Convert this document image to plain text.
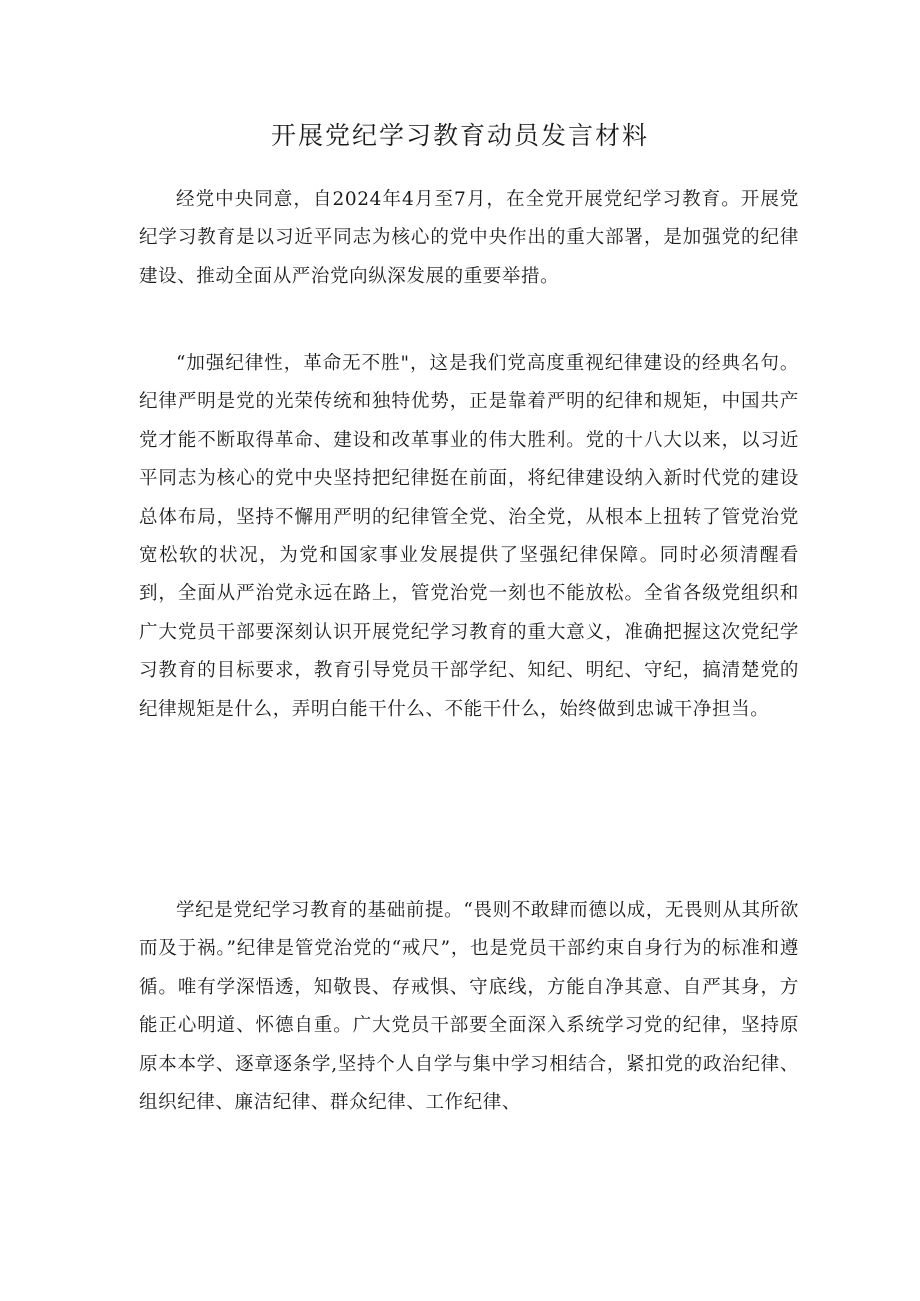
开展党纪学习教育动员发言材料

经党中央同意，自2024年4月至7月，在全党开展党纪学习教育。开展党纪学习教育是以习近平同志为核心的党中央作出的重大部署，是加强党的纪律建设、推动全面从严治党向纵深发展的重要举措。

“加强纪律性，革命无不胜"，这是我们党高度重视纪律建设的经典名句。纪律严明是党的光荣传统和独特优势，正是靠着严明的纪律和规矩，中国共产党才能不断取得革命、建设和改革事业的伟大胜利。党的十八大以来，以习近平同志为核心的党中央坚持把纪律挺在前面，将纪律建设纳入新时代党的建设总体布局，坚持不懈用严明的纪律管全党、治全党，从根本上扭转了管党治党宽松软的状况，为党和国家事业发展提供了坚强纪律保障。同时必须清醒看到，全面从严治党永远在路上，管党治党一刻也不能放松。全省各级党组织和广大党员干部要深刻认识开展党纪学习教育的重大意义，准确把握这次党纪学习教育的目标要求，教育引导党员干部学纪、知纪、明纪、守纪，搞清楚党的纪律规矩是什么，弄明白能干什么、不能干什么，始终做到忠诚干净担当。

学纪是党纪学习教育的基础前提。“畏则不敢肆而德以成，无畏则从其所欲而及于祸。”纪律是管党治党的“戒尺”，也是党员干部约束自身行为的标准和遵循。唯有学深悟透，知敬畏、存戒惧、守底线，方能自净其意、自严其身，方能正心明道、怀德自重。广大党员干部要全面深入系统学习党的纪律，坚持原原本本学、逐章逐条学,坚持个人自学与集中学习相结合，紧扣党的政治纪律、组织纪律、廉洁纪律、群众纪律、工作纪律、
